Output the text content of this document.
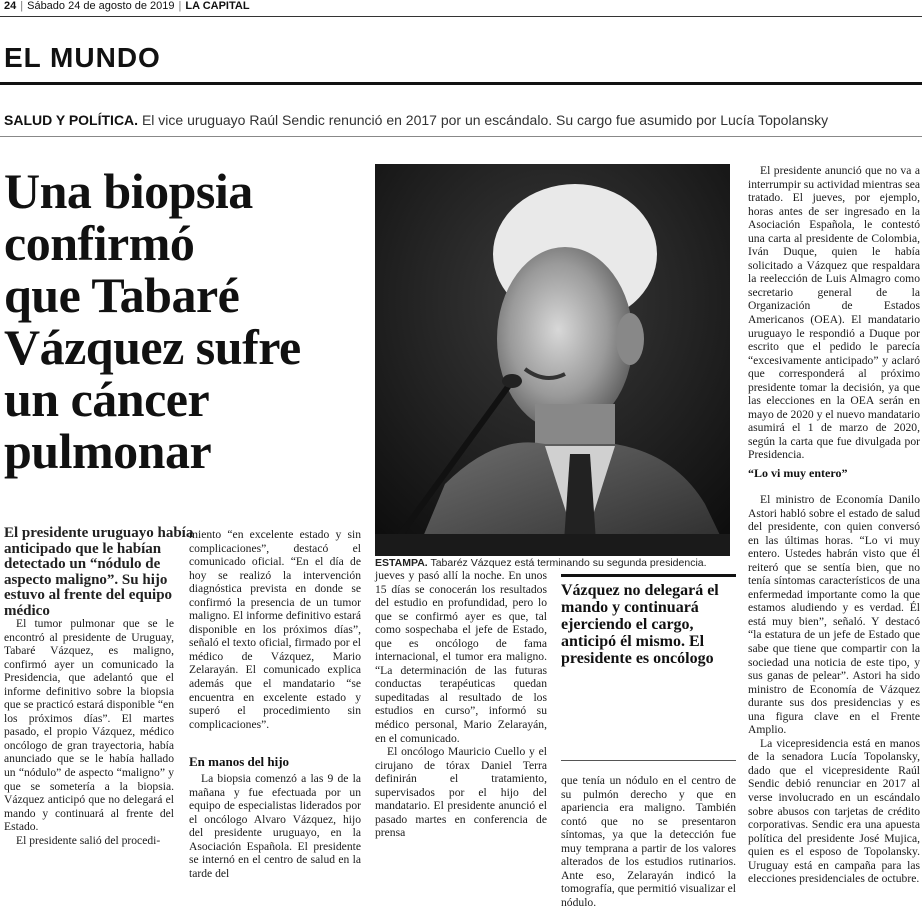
24 | Sábado 24 de agosto de 2019 | LA CAPITAL
EL MUNDO
SALUD Y POLÍTICA. El vice uruguayo Raúl Sendic renunció en 2017 por un escándalo. Su cargo fue asumido por Lucía Topolansky
Una biopsia
confirmó
que Tabaré
Vázquez sufre
un cáncer
pulmonar
ESTAMPA. Tabaréz Vázquez está terminando su segunda presidencia.
El presidente uruguayo había anticipado que le habían detectado un “nódulo de aspecto maligno”. Su hijo estuvo al frente del equipo médico

El tumor pulmonar que se le encontró al presidente de Uruguay, Tabaré Vázquez, es maligno, confirmó ayer un comunicado la Presidencia, que adelantó que el informe definitivo sobre la biopsia que se practicó estará disponible “en los próximos días”. El martes pasado, el propio Vázquez, médico oncólogo de gran trayectoria, había anunciado que se le había hallado un “nódulo” de aspecto “maligno” y que se sometería a la biopsia. Vázquez anticipó que no delegará el mando y continuará al frente del Estado.

El presidente salió del procedi-

miento “en excelente estado y sin complicaciones”, destacó el comunicado oficial. “En el día de hoy se realizó la intervención diagnóstica prevista en donde se confirmó la presencia de un tumor maligno. El informe definitivo estará disponible en los próximos días”, señaló el texto oficial, firmado por el médico de Vázquez, Mario Zelarayán. El comunicado explica además que el mandatario “se encuentra en excelente estado y superó el procedimiento sin complicaciones”.

En manos del hijo

La biopsia comenzó a las 9 de la mañana y fue efectuada por un equipo de especialistas liderados por el oncólogo Alvaro Vázquez, hijo del presidente uruguayo, en la Asociación Española. El presidente se internó en el centro de salud en la tarde del

jueves y pasó allí la noche. En unos 15 días se conocerán los resultados del estudio en profundidad, pero lo que se confirmó ayer es que, tal como sospechaba el jefe de Estado, que es oncólogo de fama internacional, el tumor era maligno. “La determinación de las futuras conductas terapéuticas quedan supeditadas al resultado de los estudios en curso”, informó su médico personal, Mario Zelarayán, en el comunicado.

El oncólogo Mauricio Cuello y el cirujano de tórax Daniel Terra definirán el tratamiento, supervisados por el hijo del mandatario. El presidente anunció el pasado martes en conferencia de prensa

Vázquez no delegará el mando y continuará ejerciendo el cargo, anticipó él mismo. El presidente es oncólogo

que tenía un nódulo en el centro de su pulmón derecho y que en apariencia era maligno. También contó que no se presentaron síntomas, ya que la detección fue muy temprana a partir de los valores alterados de los estudios rutinarios. Ante eso, Zelarayán indicó la tomografía, que permitió visualizar el nódulo.

El presidente anunció que no va a interrumpir su actividad mientras sea tratado. El jueves, por ejemplo, horas antes de ser ingresado en la Asociación Española, le contestó una carta al presidente de Colombia, Iván Duque, quien le había solicitado a Vázquez que respaldara la reelección de Luis Almagro como secretario general de la Organización de Estados Americanos (OEA). El mandatario uruguayo le respondió a Duque por escrito que el pedido le parecía “excesivamente anticipado” y aclaró que corresponderá al próximo presidente tomar la decisión, ya que las elecciones en la OEA serán en mayo de 2020 y el nuevo mandatario asumirá el 1 de marzo de 2020, según la carta que fue divulgada por Presidencia.

“Lo vi muy entero”

El ministro de Economía Danilo Astori habló sobre el estado de salud del presidente, con quien conversó en las últimas horas. “Lo vi muy entero. Ustedes habrán visto que él reiteró que se sentía bien, que no tenía síntomas característicos de una enfermedad importante como la que estamos aludiendo y es verdad. Él está muy bien”, señaló. Y destacó “la estatura de un jefe de Estado que sabe que tiene que compartir con la sociedad una noticia de este tipo, y sus ganas de pelear”. Astori ha sido ministro de Economía de Vázquez durante sus dos presidencias y es una figura clave en el Frente Amplio.

La vicepresidencia está en manos de la senadora Lucía Topolansky, dado que el vicepresidente Raúl Sendic debió renunciar en 2017 al verse involucrado en un escándalo sobre abusos con tarjetas de crédito corporativas. Sendic era una apuesta política del presidente José Mujica, quien es el esposo de Topolansky. Uruguay está en campaña para las elecciones presidenciales de octubre.
